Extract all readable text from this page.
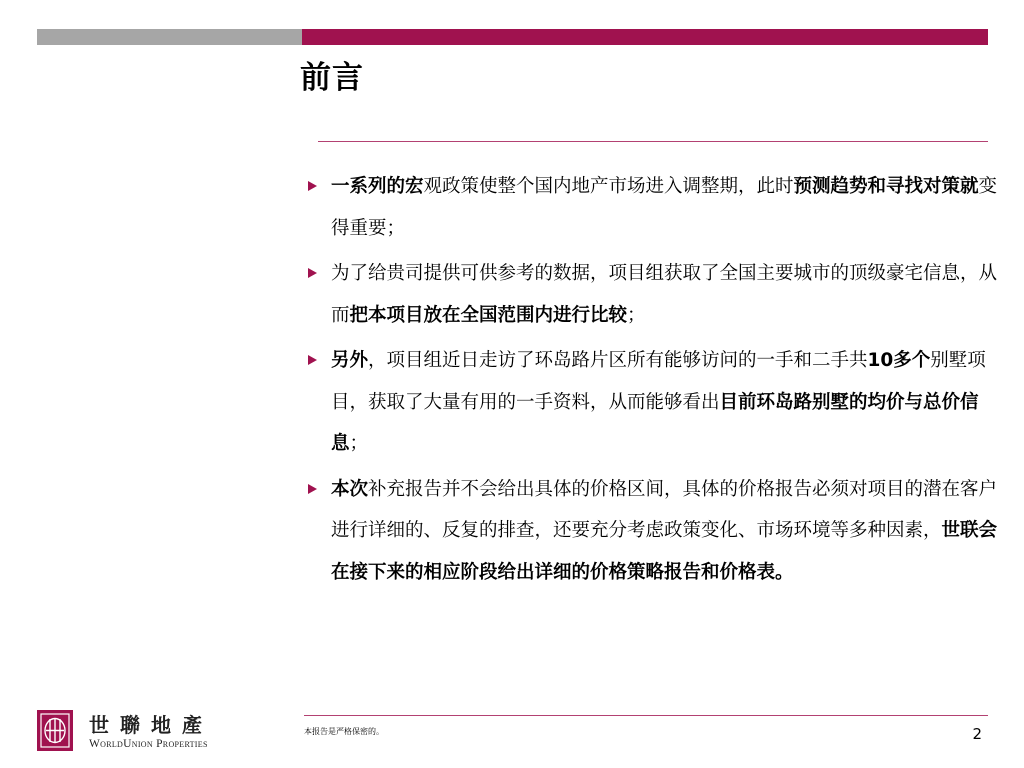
前言
一系列的宏观政策使整个国内地产市场进入调整期，此时预测趋势和寻找对策就变得重要；
为了给贵司提供可供参考的数据，项目组获取了全国主要城市的顶级豪宅信息，从而把本项目放在全国范围内进行比较；
另外，项目组近日走访了环岛路片区所有能够访问的一手和二手共10多个别墅项目，获取了大量有用的一手资料，从而能够看出目前环岛路别墅的均价与总价信息；
本次补充报告并不会给出具体的价格区间，具体的价格报告必须对项目的潜在客户进行详细的、反复的排查，还要充分考虑政策变化、市场环境等多种因素，世联会在接下来的相应阶段给出详细的价格策略报告和价格表。
世聯地產
WorldUnion Properties
本报告是严格保密的。	2
